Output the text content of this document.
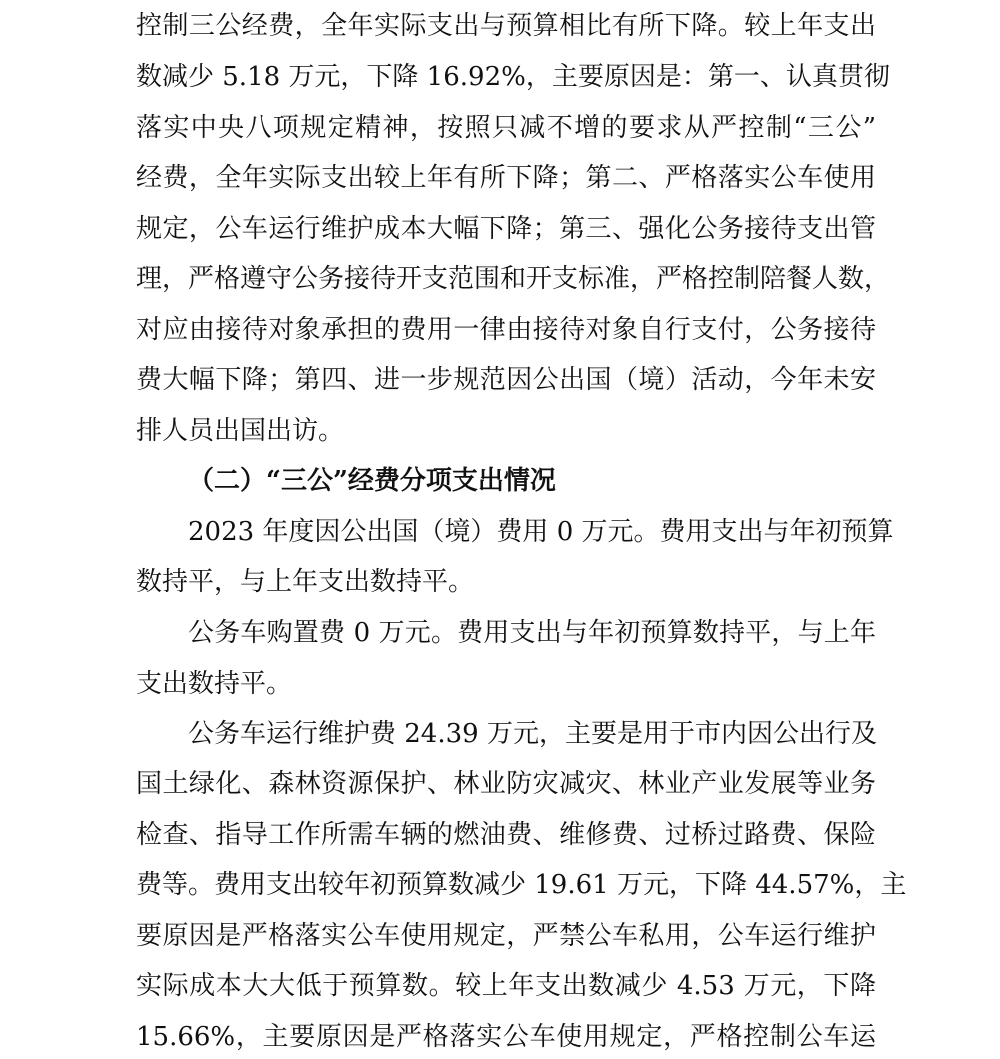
控制三公经费，全年实际支出与预算相比有所下降。较上年支出
数减少 5.18 万元，下降 16.92%，主要原因是：第一、认真贯彻
落实中央八项规定精神，按照只减不增的要求从严控制“三公”
经费，全年实际支出较上年有所下降；第二、严格落实公车使用
规定，公车运行维护成本大幅下降；第三、强化公务接待支出管
理，严格遵守公务接待开支范围和开支标准，严格控制陪餐人数，
对应由接待对象承担的费用一律由接待对象自行支付，公务接待
费大幅下降；第四、进一步规范因公出国（境）活动，今年未安
排人员出国出访。
（二）“三公”经费分项支出情况
2023 年度因公出国（境）费用 0 万元。费用支出与年初预算
数持平，与上年支出数持平。
公务车购置费 0 万元。费用支出与年初预算数持平，与上年
支出数持平。
公务车运行维护费 24.39 万元，主要是用于市内因公出行及
国土绿化、森林资源保护、林业防灾减灾、林业产业发展等业务
检查、指导工作所需车辆的燃油费、维修费、过桥过路费、保险
费等。费用支出较年初预算数减少 19.61 万元，下降 44.57%，主
要原因是严格落实公车使用规定，严禁公车私用，公车运行维护
实际成本大大低于预算数。较上年支出数减少 4.53 万元，下降
15.66%，主要原因是严格落实公车使用规定，严格控制公车运
